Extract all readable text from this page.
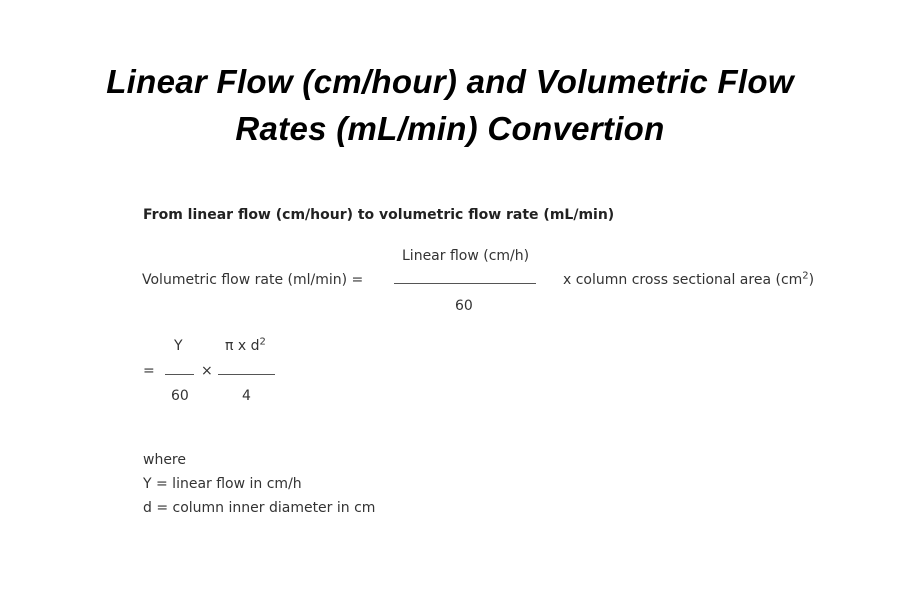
Linear Flow (cm/hour) and Volumetric Flow
Rates (mL/min) Convertion
From linear flow (cm/hour) to volumetric flow rate (mL/min)
Volumetric flow rate (ml/min) =
Linear flow (cm/h)
60
x column cross sectional area $(cm^2)$
=
Y
60
×
π x $d^2$
4
where
Y = linear flow in cm/h
d = column inner diameter in cm
